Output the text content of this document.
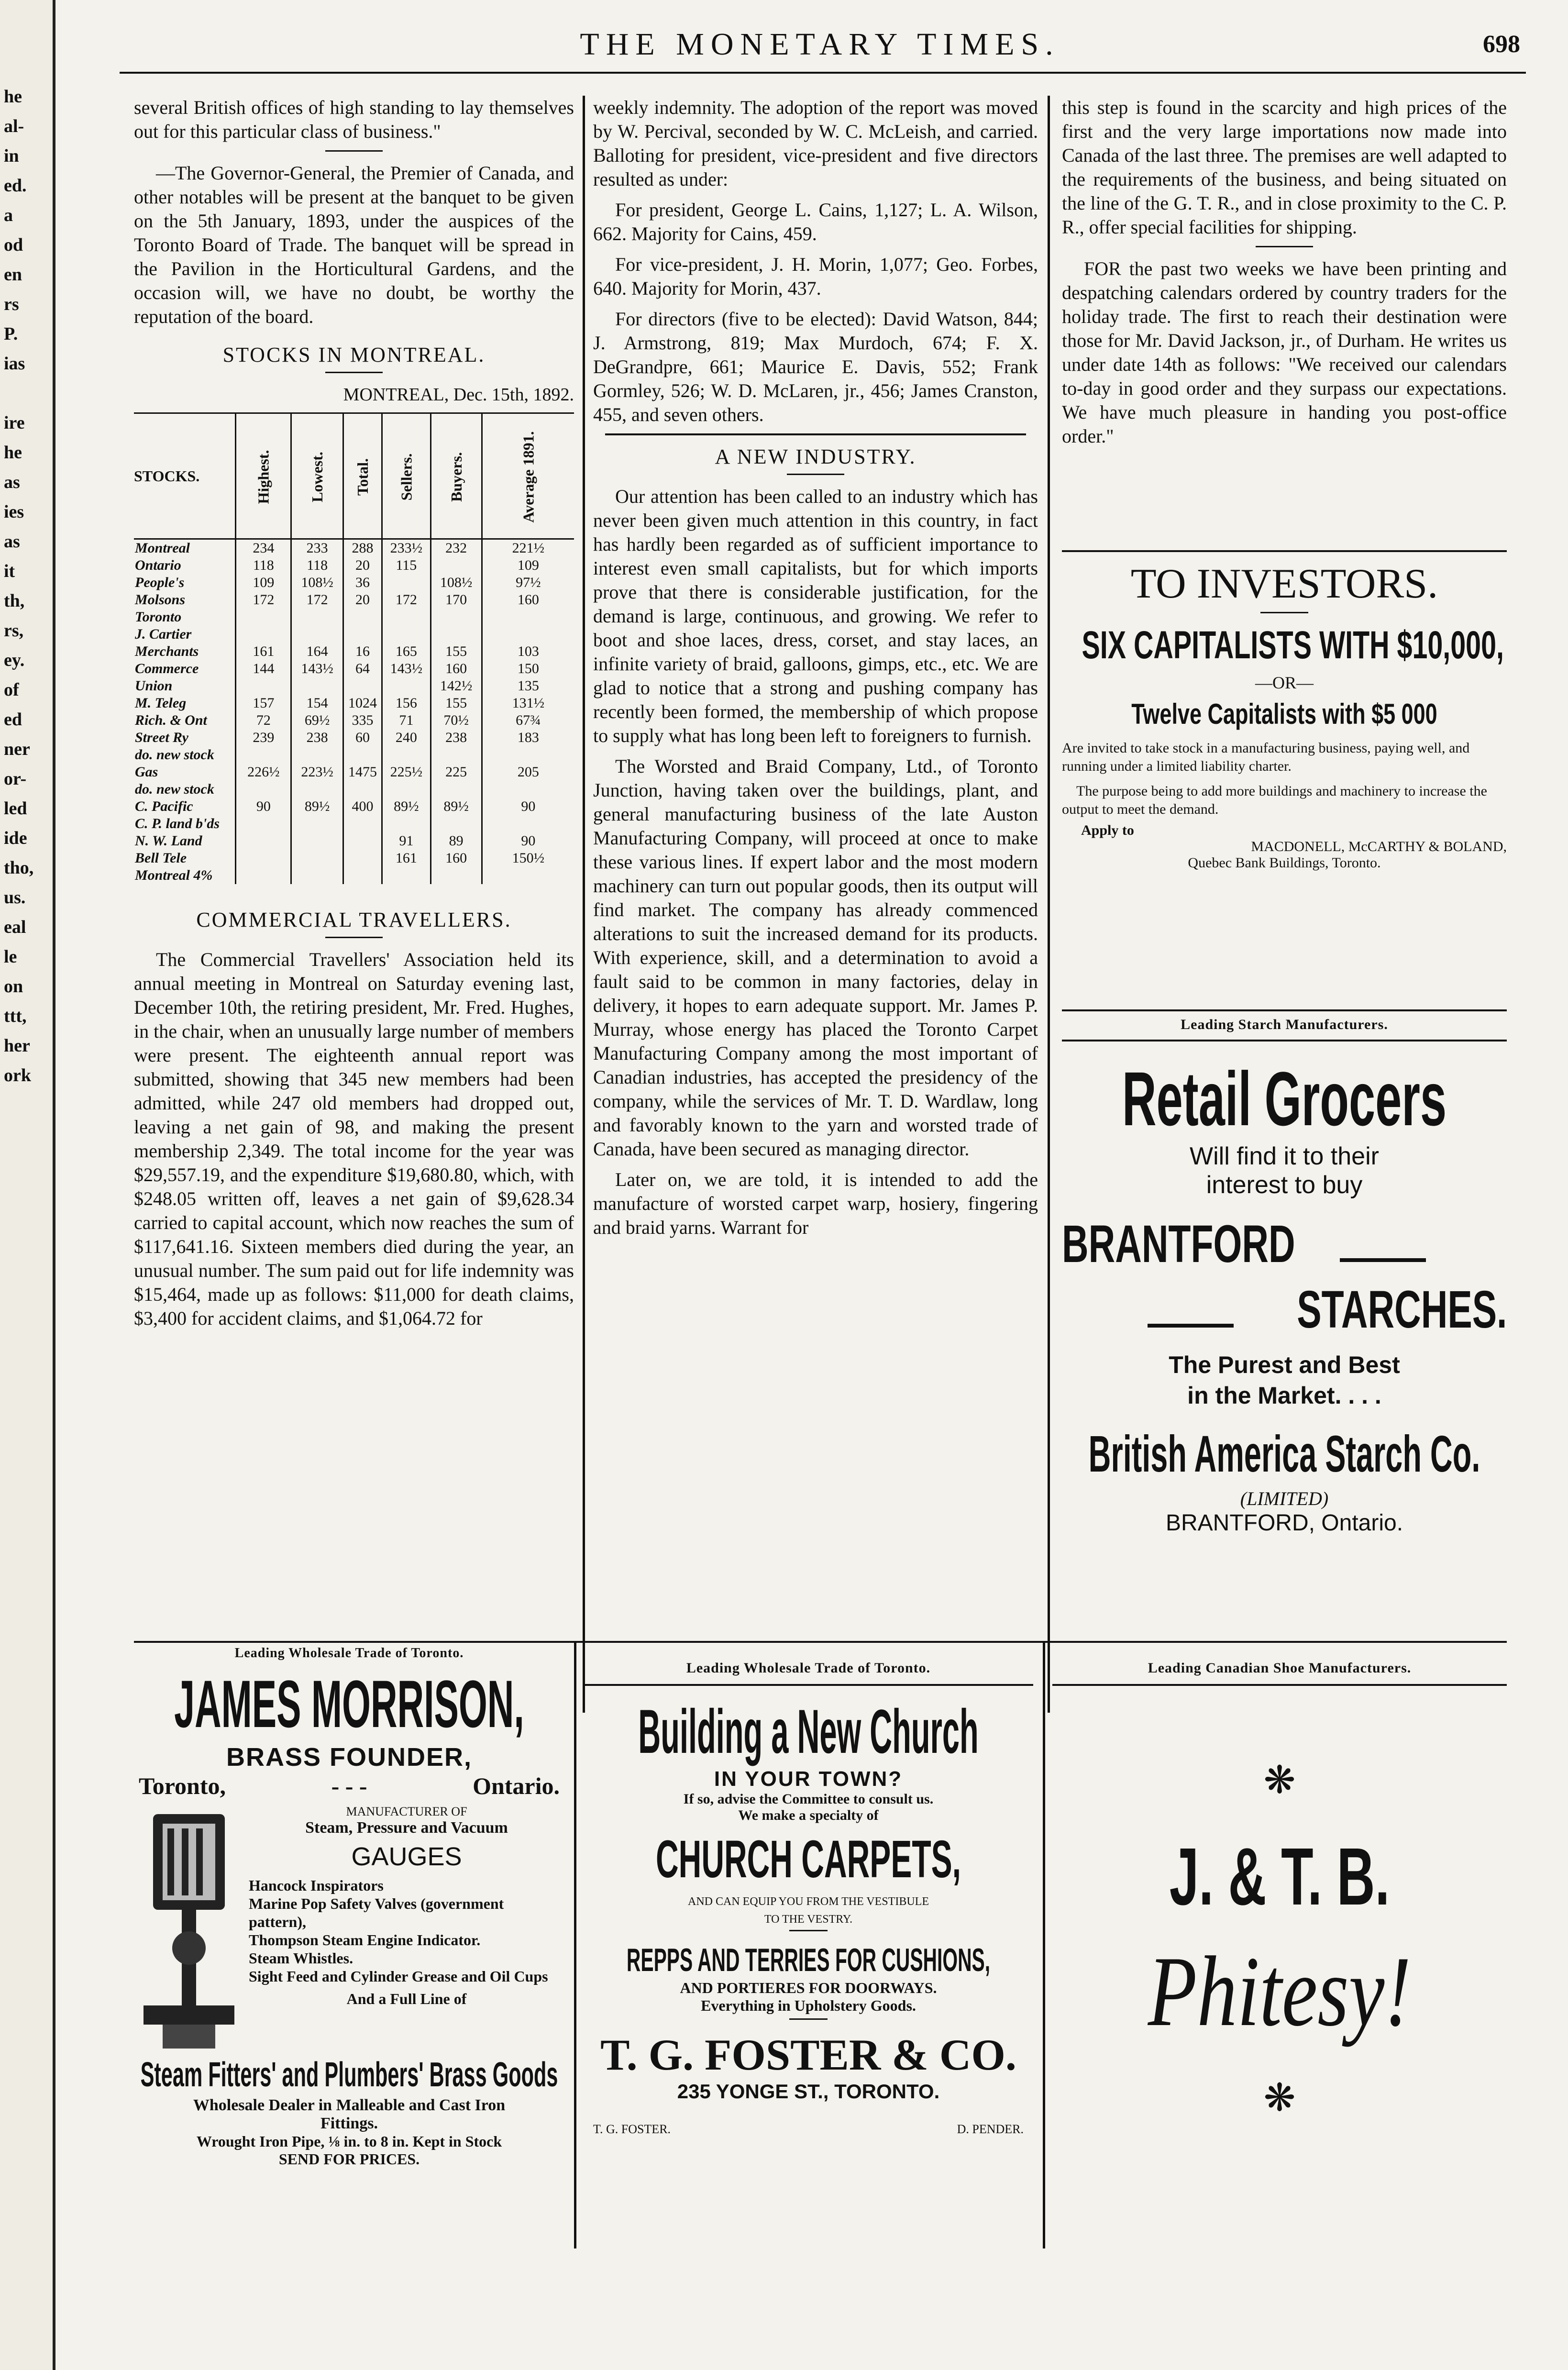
he
al-
in
ed.
a
od
en
rs
P.
ias
ire
he
as
ies
as
it
th,
rs,
ey.
of
ed
ner
or-
led
ide
tho,
us.
eal
le
on
ttt,
her
ork
THE MONETARY TIMES.	698

several British offices of high standing to lay themselves out for this particular class of business."

—The Governor-General, the Premier of Canada, and other notables will be present at the banquet to be given on the 5th January, 1893, under the auspices of the Toronto Board of Trade. The banquet will be spread in the Pavilion in the Horticultural Gardens, and the occasion will, we have no doubt, be worthy the reputation of the board.

STOCKS IN MONTREAL.
MONTREAL, Dec. 15th, 1892.
STOCKS.	Highest.	Lowest.	Total.	Sellers.	Buyers.	Average 1891.
Montreal	234	233	288	233½	232	221½
Ontario	118	118	20	115		109
People's	109	108½	36		108½	97½
Molsons	172	172	20	172	170	160
Toronto						
J. Cartier						
Merchants	161	164	16	165	155	103
Commerce	144	143½	64	143½	160	150
Union					142½	135
M. Teleg	157	154	1024	156	155	131½
Rich. & Ont	72	69½	335	71	70½	67¾
Street Ry	239	238	60	240	238	183
do. new stock						
Gas	226½	223½	1475	225½	225	205
do. new stock						
C. Pacific	90	89½	400	89½	89½	90
C. P. land b'ds						
N. W. Land				91	89	90
Bell Tele				161	160	150½
Montreal 4%						
COMMERCIAL TRAVELLERS.

The Commercial Travellers' Association held its annual meeting in Montreal on Saturday evening last, December 10th, the retiring president, Mr. Fred. Hughes, in the chair, when an unusually large number of members were present. The eighteenth annual report was submitted, showing that 345 new members had been admitted, while 247 old members had dropped out, leaving a net gain of 98, and making the present membership 2,349. The total income for the year was $29,557.19, and the expenditure $19,680.80, which, with $248.05 written off, leaves a net gain of $9,628.34 carried to capital account, which now reaches the sum of $117,641.16. Sixteen members died during the year, an unusual number. The sum paid out for life indemnity was $15,464, made up as follows: $11,000 for death claims, $3,400 for accident claims, and $1,064.72 for

weekly indemnity. The adoption of the report was moved by W. Percival, seconded by W. C. McLeish, and carried. Balloting for president, vice-president and five directors resulted as under:

For president, George L. Cains, 1,127; L. A. Wilson, 662. Majority for Cains, 459.

For vice-president, J. H. Morin, 1,077; Geo. Forbes, 640. Majority for Morin, 437.

For directors (five to be elected): David Watson, 844; J. Armstrong, 819; Max Murdoch, 674; F. X. DeGrandpre, 661; Maurice E. Davis, 552; Frank Gormley, 526; W. D. McLaren, jr., 456; James Cranston, 455, and seven others.

A NEW INDUSTRY.

Our attention has been called to an industry which has never been given much attention in this country, in fact has hardly been regarded as of sufficient importance to interest even small capitalists, but for which imports prove that there is considerable justification, for the demand is large, continuous, and growing. We refer to boot and shoe laces, dress, corset, and stay laces, an infinite variety of braid, galloons, gimps, etc., etc. We are glad to notice that a strong and pushing company has recently been formed, the membership of which propose to supply what has long been left to foreigners to furnish.

The Worsted and Braid Company, Ltd., of Toronto Junction, having taken over the buildings, plant, and general manufacturing business of the late Auston Manufacturing Company, will proceed at once to make these various lines. If expert labor and the most modern machinery can turn out popular goods, then its output will find market. The company has already commenced alterations to suit the increased demand for its products. With experience, skill, and a determination to avoid a fault said to be common in many factories, delay in delivery, it hopes to earn adequate support. Mr. James P. Murray, whose energy has placed the Toronto Carpet Manufacturing Company among the most important of Canadian industries, has accepted the presidency of the company, while the services of Mr. T. D. Wardlaw, long and favorably known to the yarn and worsted trade of Canada, have been secured as managing director.

Later on, we are told, it is intended to add the manufacture of worsted carpet warp, hosiery, fingering and braid yarns. Warrant for

this step is found in the scarcity and high prices of the first and the very large importations now made into Canada of the last three. The premises are well adapted to the requirements of the business, and being situated on the line of the G. T. R., and in close proximity to the C. P. R., offer special facilities for shipping.

FOR the past two weeks we have been printing and despatching calendars ordered by country traders for the holiday trade. The first to reach their destination were those for Mr. David Jackson, jr., of Durham. He writes us under date 14th as follows: "We received our calendars to-day in good order and they surpass our expectations. We have much pleasure in handing you post-office order."

TO INVESTORS.
SIX CAPITALISTS WITH $10,000,
—OR—
Twelve Capitalists with $5 000
Are invited to take stock in a manufacturing business, paying well, and running under a limited liability charter.
The purpose being to add more buildings and machinery to increase the output to meet the demand.
Apply to
MACDONELL, McCARTHY & BOLAND,
Quebec Bank Buildings, Toronto.
Leading Starch Manufacturers.
Retail Grocers
Will find it to their interest to buy
BRANTFORD
STARCHES.
The Purest and Best in the Market. . . .
British America Starch Co.
(LIMITED)
BRANTFORD, Ontario.
Leading Wholesale Trade of Toronto.
JAMES MORRISON,
BRASS FOUNDER,
Toronto,	- - -	Ontario.
MANUFACTURER OF
Steam, Pressure and Vacuum
GAUGES
Hancock Inspirators
Marine Pop Safety Valves (government pattern),
Thompson Steam Engine Indicator.
Steam Whistles.
Sight Feed and Cylinder Grease and Oil Cups
And a Full Line of
Steam Fitters' and Plumbers' Brass Goods
Wholesale Dealer in Malleable and Cast Iron Fittings.
Wrought Iron Pipe, ⅛ in. to 8 in. Kept in Stock
SEND FOR PRICES.
Leading Wholesale Trade of Toronto.
Building a New Church
IN YOUR TOWN?
If so, advise the Committee to consult us.
We make a specialty of
CHURCH CARPETS,
AND CAN EQUIP YOU FROM THE VESTIBULE
TO THE VESTRY.
REPPS AND TERRIES FOR CUSHIONS,
AND PORTIERES FOR DOORWAYS.
Everything in Upholstery Goods.
T. G. FOSTER & CO.
235 YONGE ST., TORONTO.
T. G. FOSTER.	D. PENDER.
Leading Canadian Shoe Manufacturers.
❋
J. & T. B.
Phitesy!
❋
